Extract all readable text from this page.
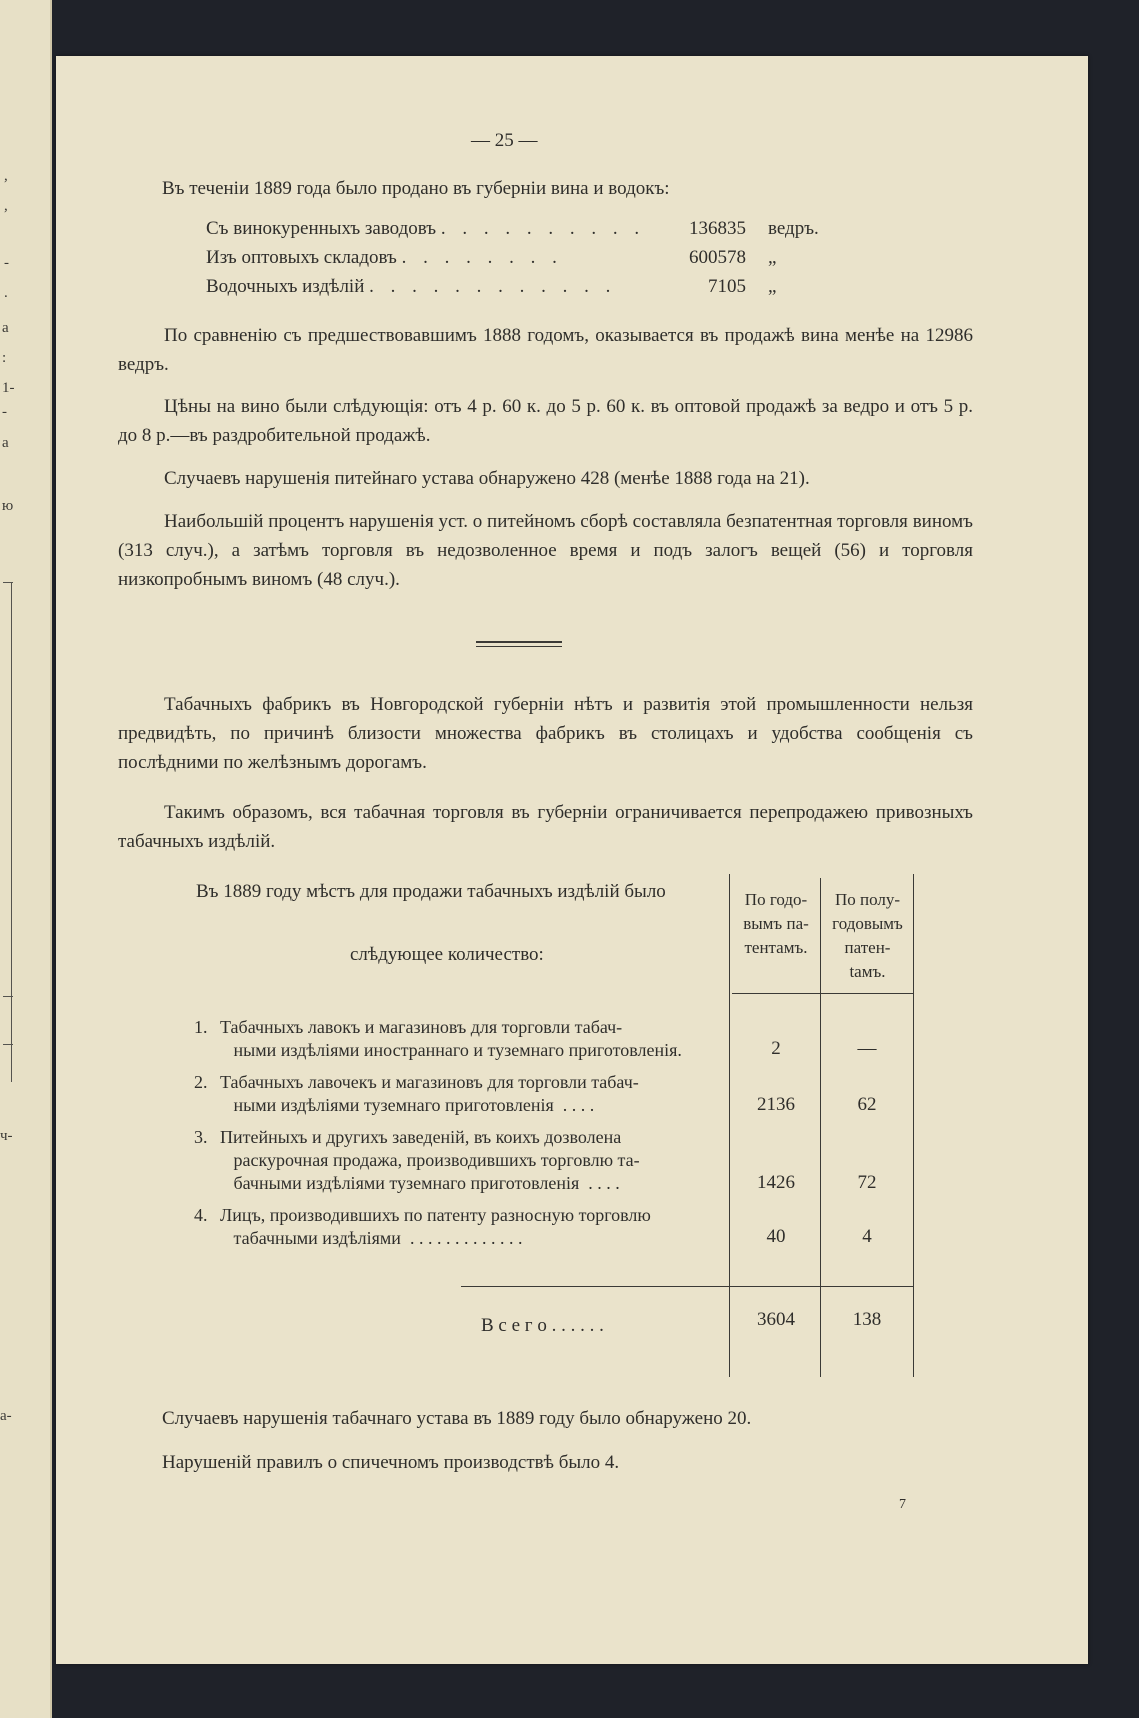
,
,
-
.
а
:
1-
-
а
ю
ч-
а-
— 25 —
Въ теченіи 1889 года было продано въ губерніи вина и водокъ:
Съ винокуренныхъ заводовъ . . . . . . . . . . 136835 ведръ.
Изъ оптовыхъ складовъ . . . . . . . .	600578 „
Водочныхъ издѣлій . . . . . . . . . . . .	7105 „
По сравненію съ предшествовавшимъ 1888 годомъ, оказывается въ продажѣ вина менѣе на 12986 ведръ.
Цѣны на вино были слѣдующія: отъ 4 р. 60 к. до 5 р. 60 к. въ оптовой продажѣ за ведро и отъ 5 р. до 8 р.—въ раздробительной продажѣ.
Случаевъ нарушенія питейнаго устава обнаружено 428 (менѣе 1888 года на 21).
Наибольшій процентъ нарушенія уст. о питейномъ сборѣ составляла безпатентная торговля виномъ (313 случ.), а затѣмъ торговля въ недозволенное время и подъ залогъ вещей (56) и торговля низкопробнымъ виномъ (48 случ.).
Табачныхъ фабрикъ въ Новгородской губерніи нѣтъ и развитія этой промышленности нельзя предвидѣть, по причинѣ близости множества фабрикъ въ столицахъ и удобства сообщенія съ послѣдними по желѣзнымъ дорогамъ.
Такимъ образомъ, вся табачная торговля въ губерніи ограничивается перепродажею привозныхъ табачныхъ издѣлій.
Въ 1889 году мѣстъ для продажи табачныхъ издѣлій было
слѣдующее количество:
По годо-
вымъ па-
тентамъ.
По полу-
годовымъ
патен-
tамъ.
1. Табачныхъ лавокъ и магазиновъ для торговли табач-
ными издѣліями иностраннаго и туземнаго приготовленія.	2	—
2. Табачныхъ лавочекъ и магазиновъ для торговли табач-
ными издѣліями туземнаго приготовленія  . . . .	2136	62
3. Питейныхъ и другихъ заведеній, въ коихъ дозволена
раскурочная продажа, производившихъ торговлю та-
бачными издѣліями туземнаго приготовленія  . . . .	1426	72
4. Лицъ, производившихъ по патенту разносную торговлю
табачными издѣліями  . . . . . . . . . . . . .	40	4
В с е г о . . . . . .	3604	138
Случаевъ нарушенія табачнаго устава въ 1889 году было обнаружено 20.
Нарушеній правилъ о спичечномъ производствѣ было 4.
7
